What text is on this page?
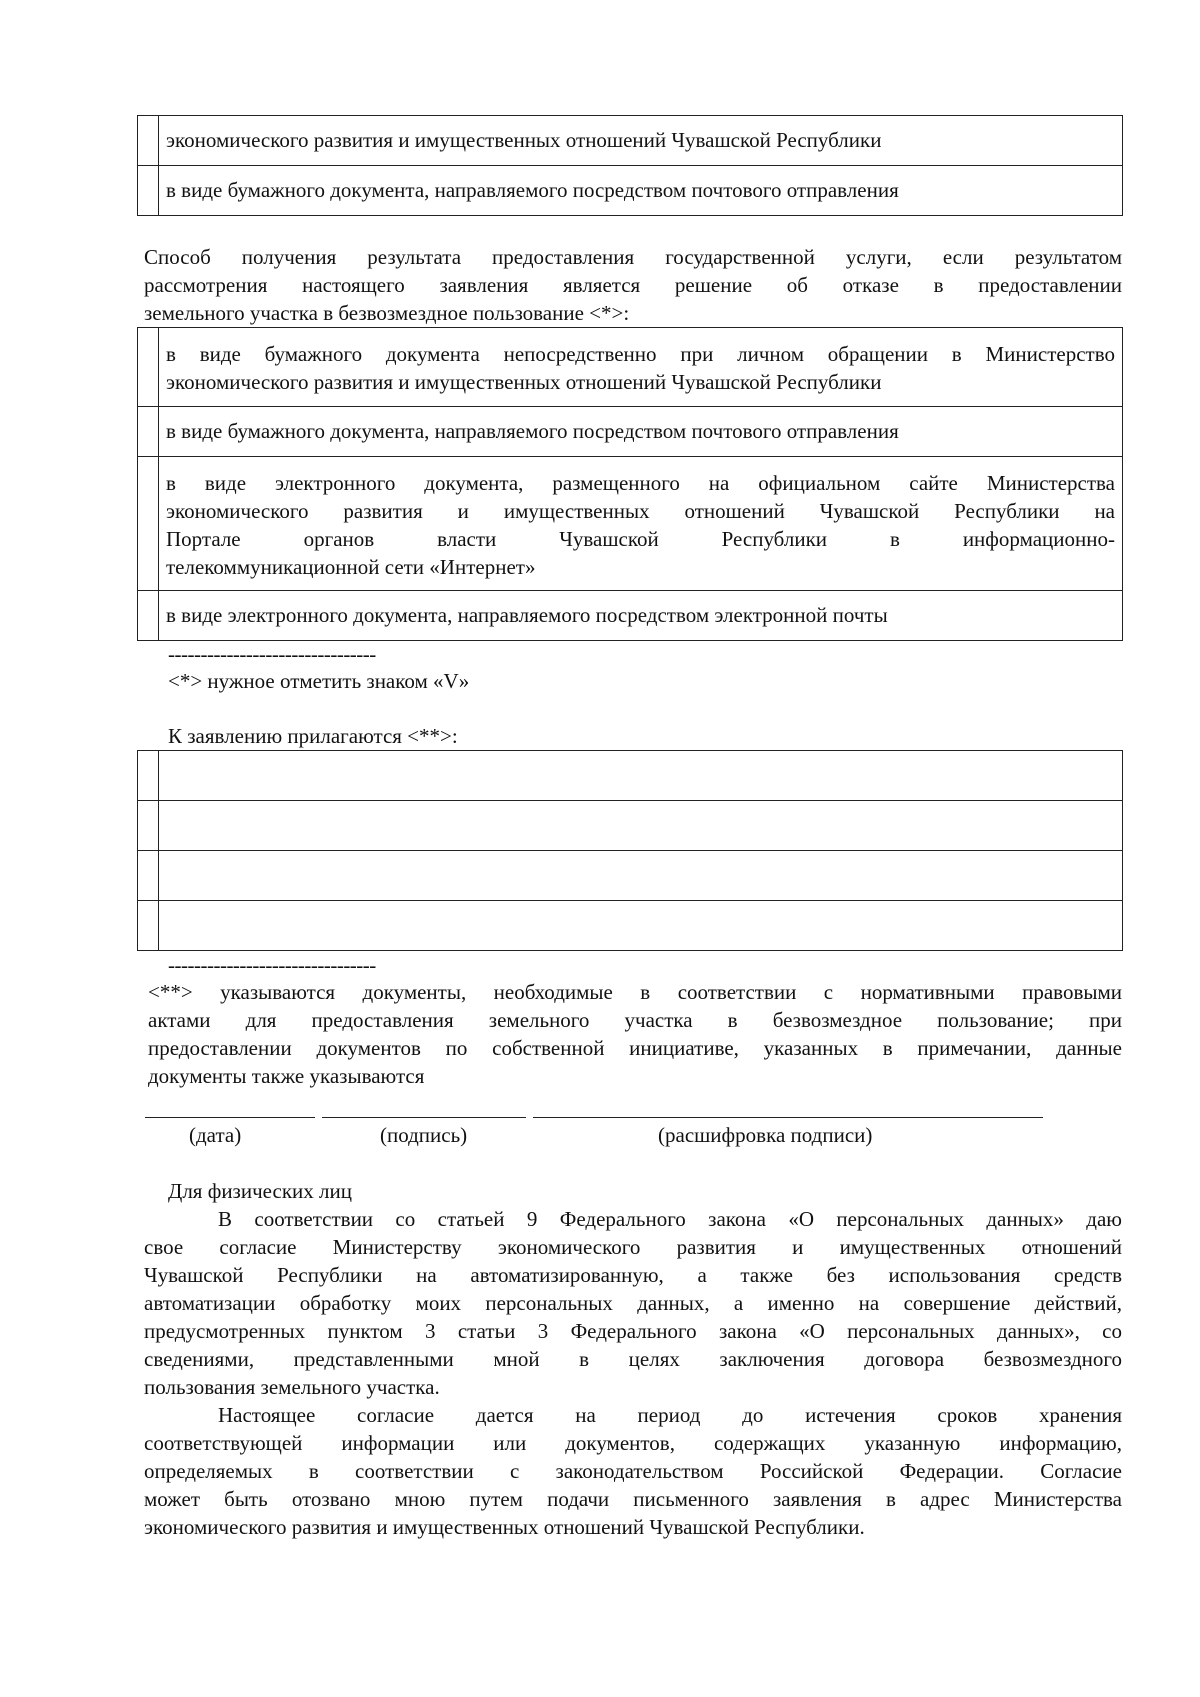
	экономического развития и имущественных отношений Чувашской Республики
	в виде бумажного документа, направляемого посредством почтового отправления
Способ получения результата предоставления государственной услуги, если результатом
рассмотрения настоящего заявления является решение об отказе в предоставлении
земельного участка в безвозмездное пользование <*>:

	в виде бумажного документа непосредственно при личном обращении в Министерство
экономического развития и имущественных отношений Чувашской Республики

	в виде бумажного документа, направляемого посредством почтового отправления

	в виде электронного документа, размещенного на официальном сайте Министерства
экономического развития и имущественных отношений Чувашской Республики на
Портале органов власти Чувашской Республики в информационно-
телекоммуникационной сети «Интернет»

	в виде электронного документа, направляемого посредством электронной почты
--------------------------------
<*> нужное отметить знаком «V»
К заявлению прилагаются <**>:

--------------------------------
<**> указываются документы, необходимые в соответствии с нормативными правовыми
актами для предоставления земельного участка в безвозмездное пользование; при
предоставлении документов по собственной инициативе, указанных в примечании, данные
документы также указываются
(дата)	(подпись)	(расшифровка подписи)
Для физических лиц
В соответствии со статьей 9 Федерального закона «О персональных данных» даю
свое согласие Министерству экономического развития и имущественных отношений
Чувашской Республики на автоматизированную, а также без использования средств
автоматизации обработку моих персональных данных, а именно на совершение действий,
предусмотренных пунктом 3 статьи 3 Федерального закона «О персональных данных», со
сведениями, представленными мной в целях заключения договора безвозмездного
пользования земельного участка.
Настоящее согласие дается на период до истечения сроков хранения
соответствующей информации или документов, содержащих указанную информацию,
определяемых в соответствии с законодательством Российской Федерации. Согласие
может быть отозвано мною путем подачи письменного заявления в адрес Министерства
экономического развития и имущественных отношений Чувашской Республики.
